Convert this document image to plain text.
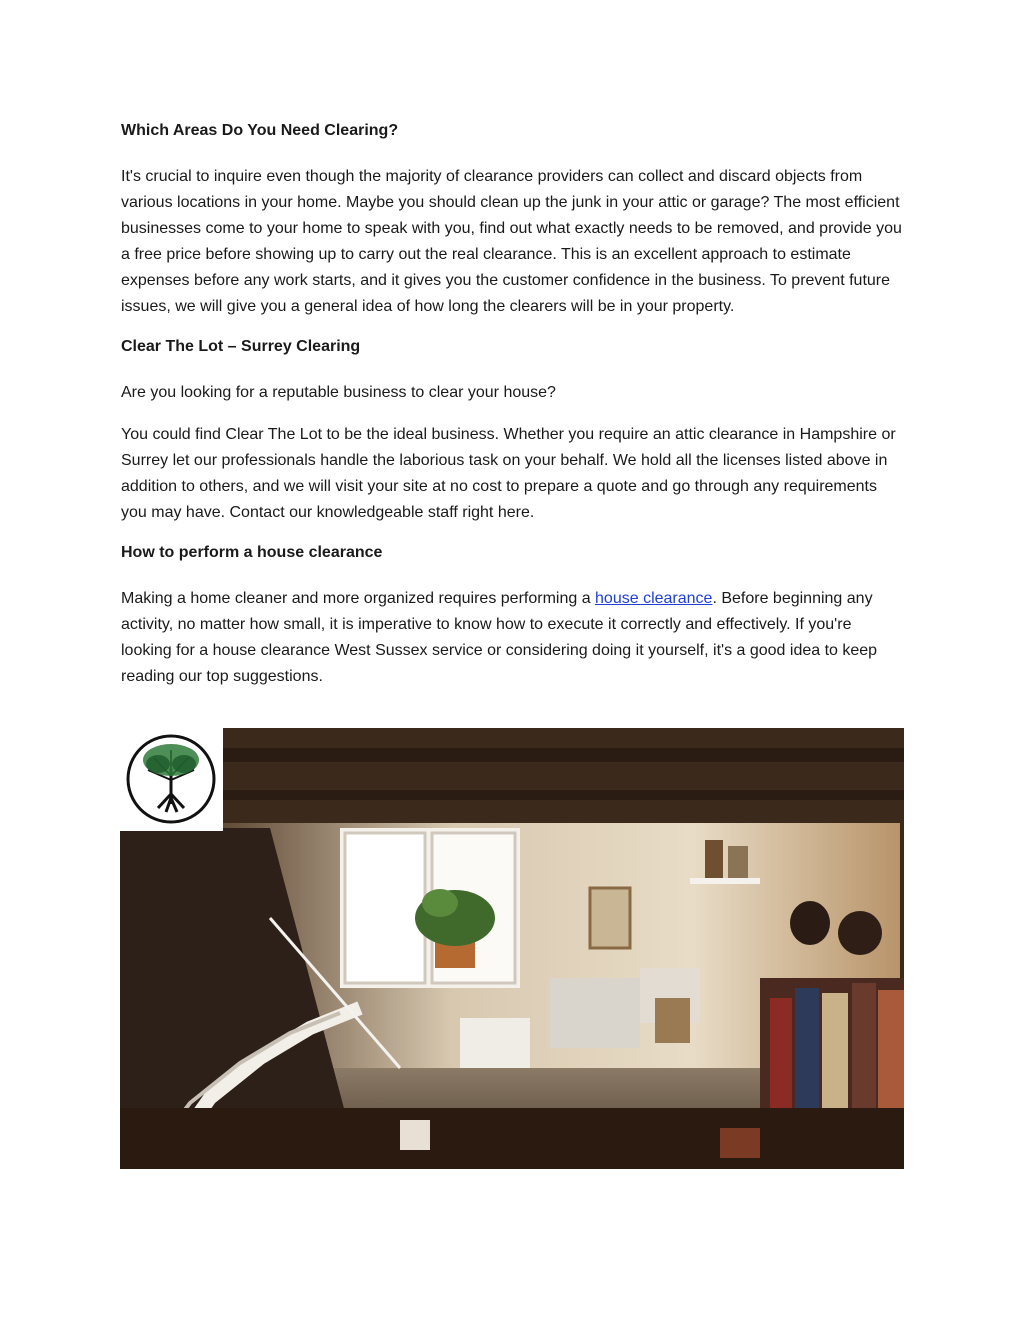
Which Areas Do You Need Clearing?

It's crucial to inquire even though the majority of clearance providers can collect and discard objects from various locations in your home. Maybe you should clean up the junk in your attic or garage? The most efficient businesses come to your home to speak with you, find out what exactly needs to be removed, and provide you a free price before showing up to carry out the real clearance. This is an excellent approach to estimate expenses before any work starts, and it gives you the customer confidence in the business. To prevent future issues, we will give you a general idea of how long the clearers will be in your property.

Clear The Lot – Surrey Clearing

Are you looking for a reputable business to clear your house?

You could find Clear The Lot to be the ideal business. Whether you require an attic clearance in Hampshire or Surrey let our professionals handle the laborious task on your behalf. We hold all the licenses listed above in addition to others, and we will visit your site at no cost to prepare a quote and go through any requirements you may have. Contact our knowledgeable staff right here.

How to perform a house clearance

Making a home cleaner and more organized requires performing a house clearance. Before beginning any activity, no matter how small, it is imperative to know how to execute it correctly and effectively. If you're looking for a house clearance West Sussex service or considering doing it yourself, it's a good idea to keep reading our top suggestions.
